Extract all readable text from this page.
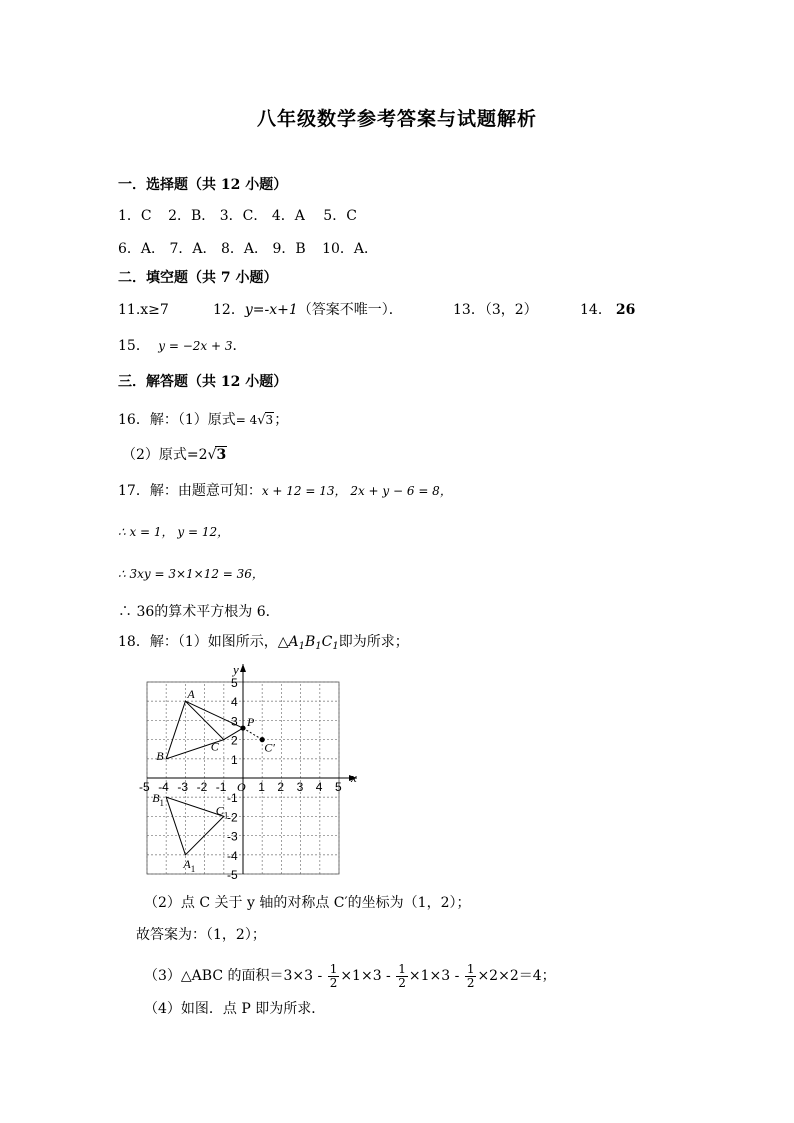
八年级数学参考答案与试题解析
一．选择题（共 12 小题）
1．C 2．B． 3．C． 4．A 5．C
6．A． 7．A． 8．A． 9．B 10．A．
二．填空题（共 7 小题）
11.x≥7	12．y=-x+1（答案不唯一）．	13．（3，2）	14． 26
15． y = −2x + 3．
三．解答题（共 12 小题）
16．解：（1）原式= 4√3；
（2）原式=2√3
17．解：由题意可知：x + 12 = 13， 2x + y − 6 = 8，
∴ x = 1， y = 12，
∴ 3xy = 3×1×12 = 36，
∴ 36的算术平方根为 6．
18．解：（1）如图所示，$\triangle A_1B_1C_1$即为所求；
x
y
O
-5 -4 -3 -2 -1	1 2 3 4 5
5
4
3
2
1
-1
-2
-3
-4
-5
A
B
C
$A_1$
$B_1$
$C_1$
P
C′
（2）点 C 关于 y 轴的对称点 C′的坐标为（1，2）；
故答案为：（1，2）；
（3）△ABC 的面积$=3\times 3 - \frac{1}{2} \times 1\times 3 - \frac{1}{2} \times 1\times 3 - \frac{1}{2} \times 2\times 2=4$；
（4）如图．点 P 即为所求．
